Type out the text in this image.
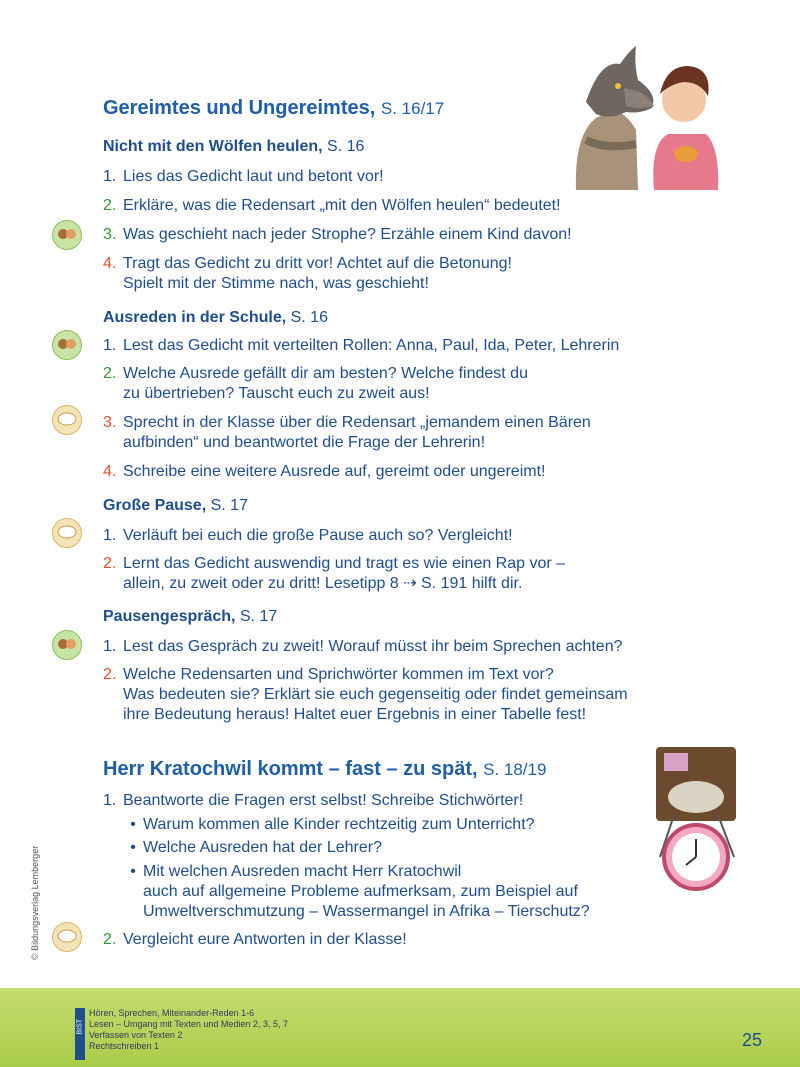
Gereimtes und Ungereimtes, S. 16/17
Nicht mit den Wölfen heulen, S. 16
1. Lies das Gedicht laut und betont vor!
2. Erkläre, was die Redensart „mit den Wölfen heulen“ bedeutet!
3. Was geschieht nach jeder Strophe? Erzähle einem Kind davon!
4. Tragt das Gedicht zu dritt vor! Achtet auf die Betonung!
Spielt mit der Stimme nach, was geschieht!
Ausreden in der Schule, S. 16
1. Lest das Gedicht mit verteilten Rollen: Anna, Paul, Ida, Peter, Lehrerin
2. Welche Ausrede gefällt dir am besten? Welche findest du
zu übertrieben? Tauscht euch zu zweit aus!
3. Sprecht in der Klasse über die Redensart „jemandem einen Bären
aufbinden“ und beantwortet die Frage der Lehrerin!
4. Schreibe eine weitere Ausrede auf, gereimt oder ungereimt!
Große Pause, S. 17
1. Verläuft bei euch die große Pause auch so? Vergleicht!
2. Lernt das Gedicht auswendig und tragt es wie einen Rap vor –
allein, zu zweit oder zu dritt! Lesetipp 8 ⇢ S. 191 hilft dir.
Pausengespräch, S. 17
1. Lest das Gespräch zu zweit! Worauf müsst ihr beim Sprechen achten?
2. Welche Redensarten und Sprichwörter kommen im Text vor?
Was bedeuten sie? Erklärt sie euch gegenseitig oder findet gemeinsam
ihre Bedeutung heraus! Haltet euer Ergebnis in einer Tabelle fest!
Herr Kratochwil kommt – fast – zu spät, S. 18/19
1. Beantworte die Fragen erst selbst! Schreibe Stichwörter!
• Warum kommen alle Kinder rechtzeitig zum Unterricht?
• Welche Ausreden hat der Lehrer?
• Mit welchen Ausreden macht Herr Kratochwil
auch auf allgemeine Probleme aufmerksam, zum Beispiel auf
Umweltverschmutzung – Wassermangel in Afrika – Tierschutz?
2. Vergleicht eure Antworten in der Klasse!
© Bildungsverlag Lemberger
BIST
Hören, Sprechen, Miteinander-Reden 1-6
Lesen – Umgang mit Texten und Medien 2, 3, 5, 7
Verfassen von Texten 2
Rechtschreiben 1	25
